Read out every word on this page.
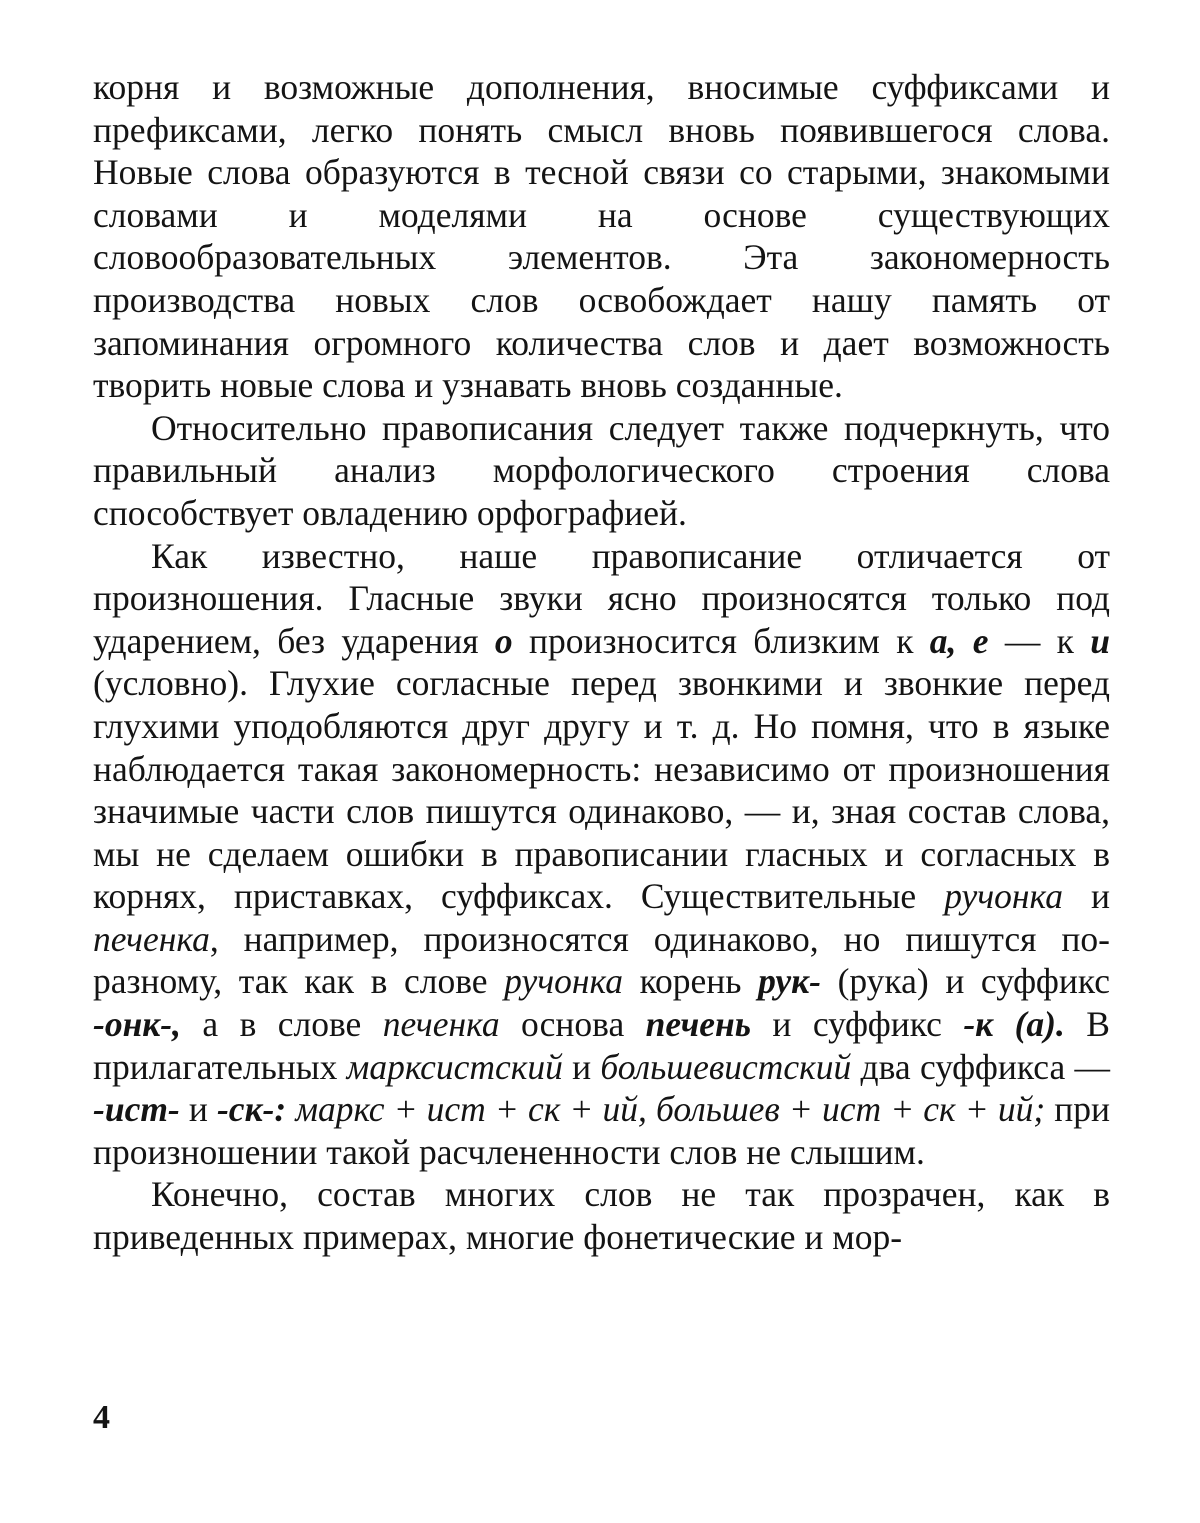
корня и возможные дополнения, вносимые суффиксами и префиксами, легко понять смысл вновь появившегося слова. Новые слова образуются в тесной связи со старыми, знакомыми словами и моделями на основе существующих словообразовательных элементов. Эта закономерность производства новых слов освобождает нашу память от запоминания огромного количества слов и дает возможность творить новые слова и узнавать вновь созданные.

Относительно правописания следует также подчеркнуть, что правильный анализ морфологического строения слова способствует овладению орфографией.

Как известно, наше правописание отличается от произношения. Гласные звуки ясно произносятся только под ударением, без ударения о произносится близким к а, е — к и (условно). Глухие согласные перед звонкими и звонкие перед глухими уподобляются друг другу и т. д. Но помня, что в языке наблюдается такая закономерность: независимо от произношения значимые части слов пишутся одинаково, — и, зная состав слова, мы не сделаем ошибки в правописании гласных и согласных в корнях, приставках, суффиксах. Существительные ручонка и печенка, например, произносятся одинаково, но пишутся по-разному, так как в слове ручонка корень рук- (рука) и суффикс -онк-, а в слове печенка основа печень и суффикс -к (а). В прилагательных марксистский и большевистский два суффикса — -ист- и -ск-: маркс + ист + ск + ий, большев + ист + ск + ий; при произношении такой расчлененности слов не слышим.

Конечно, состав многих слов не так прозрачен, как в приведенных примерах, многие фонетические и мор-

4
